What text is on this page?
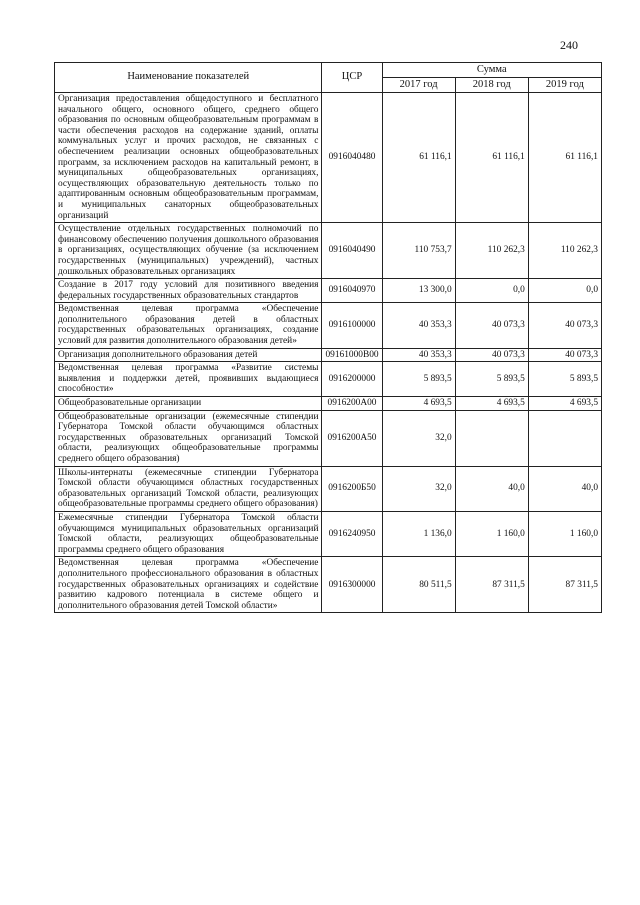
240
Наименование показателей	ЦСР	Сумма		
		2017 год	2018 год	2019 год
Организация предоставления общедоступного и бесплатного начального общего, основного общего, среднего общего образования по основным общеобразовательным программам в части обеспечения расходов на содержание зданий, оплаты коммунальных услуг и прочих расходов, не связанных с обеспечением реализации основных общеобразовательных программ, за исключением расходов на капитальный ремонт, в муниципальных общеобразовательных организациях, осуществляющих образовательную деятельность только по адаптированным основным общеобразовательным программам, и муниципальных санаторных общеобразовательных организаций	0916040480	61 116,1	61 116,1	61 116,1
Осуществление отдельных государственных полномочий по финансовому обеспечению получения дошкольного образования в организациях, осуществляющих обучение (за исключением государственных (муниципальных) учреждений), частных дошкольных образовательных организациях	0916040490	110 753,7	110 262,3	110 262,3
Создание в 2017 году условий для позитивного введения федеральных государственных образовательных стандартов	0916040970	13 300,0	0,0	0,0
Ведомственная целевая программа «Обеспечение дополнительного образования детей в областных государственных образовательных организациях, создание условий для развития дополнительного образования детей»	0916100000	40 353,3	40 073,3	40 073,3
Организация дополнительного образования детей	09161000В00	40 353,3	40 073,3	40 073,3
Ведомственная целевая программа «Развитие системы выявления и поддержки детей, проявивших выдающиеся способности»	0916200000	5 893,5	5 893,5	5 893,5
Общеобразовательные организации	0916200А00	4 693,5	4 693,5	4 693,5
Общеобразовательные организации (ежемесячные стипендии Губернатора Томской области обучающимся областных государственных образовательных организаций Томской области, реализующих общеобразовательные программы среднего общего образования)	0916200А50	32,0		
Школы-интернаты (ежемесячные стипендии Губернатора Томской области обучающимся областных государственных образовательных организаций Томской области, реализующих общеобразовательные программы среднего общего образования)	0916200Б50	32,0	40,0	40,0
Ежемесячные стипендии Губернатора Томской области обучающимся муниципальных образовательных организаций Томской области, реализующих общеобразовательные программы среднего общего образования	0916240950	1 136,0	1 160,0	1 160,0
Ведомственная целевая программа «Обеспечение дополнительного профессионального образования в областных государственных образовательных организациях и содействие развитию кадрового потенциала в системе общего и дополнительного образования детей Томской области»	0916300000	80 511,5	87 311,5	87 311,5
